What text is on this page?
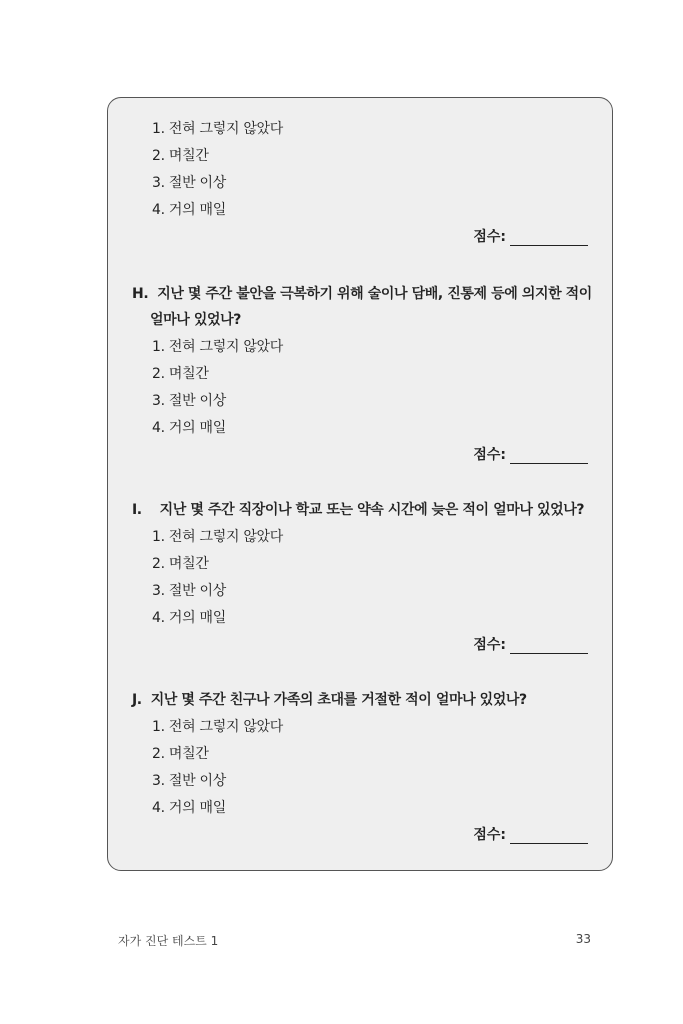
1. 전혀 그렇지 않았다
2. 며칠간
3. 절반 이상
4. 거의 매일
점수:
H. 지난 몇 주간 불안을 극복하기 위해 술이나 담배, 진통제 등에 의지한 적이
얼마나 있었나?
1. 전혀 그렇지 않았다
2. 며칠간
3. 절반 이상
4. 거의 매일
점수:
I. 지난 몇 주간 직장이나 학교 또는 약속 시간에 늦은 적이 얼마나 있었나?
1. 전혀 그렇지 않았다
2. 며칠간
3. 절반 이상
4. 거의 매일
점수:
J. 지난 몇 주간 친구나 가족의 초대를 거절한 적이 얼마나 있었나?
1. 전혀 그렇지 않았다
2. 며칠간
3. 절반 이상
4. 거의 매일
점수:
자가 진단 테스트 1	33
